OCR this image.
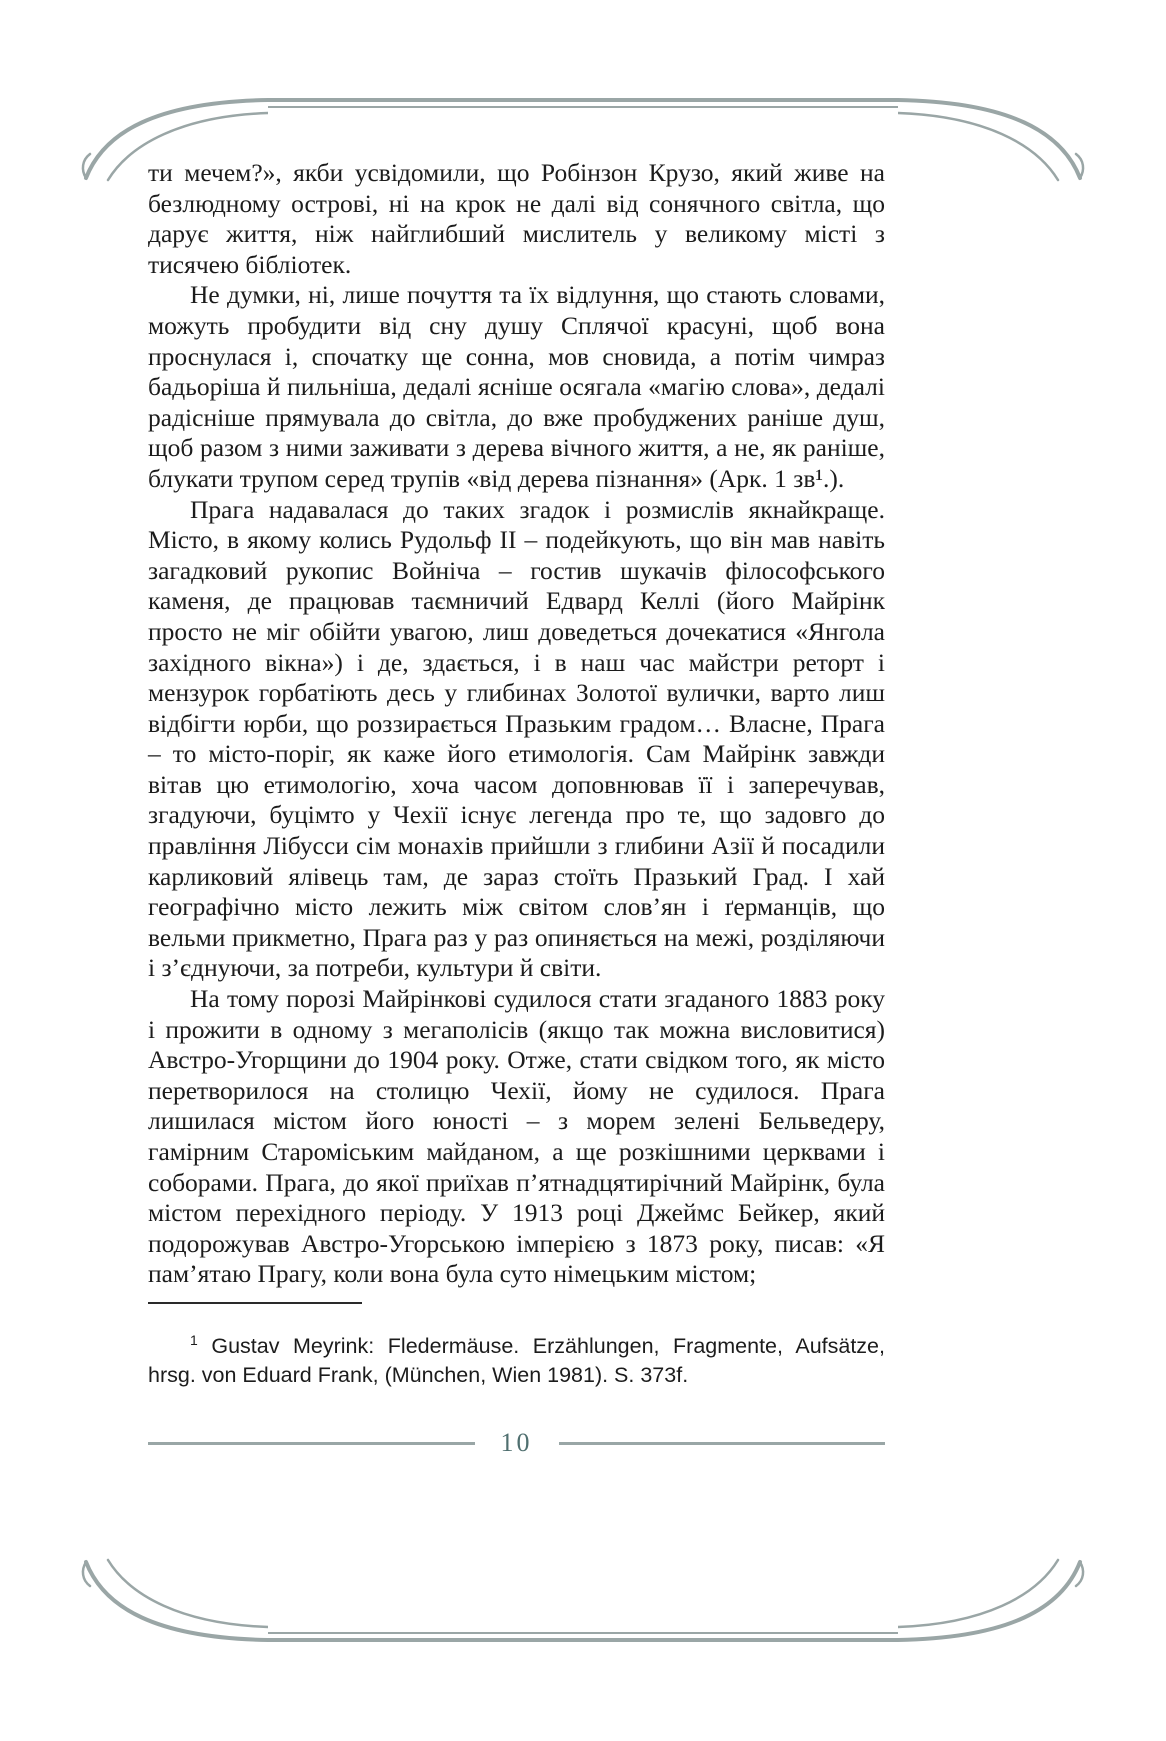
ти мечем?», якби усвідомили, що Робінзон Крузо, який живе на безлюдному острові, ні на крок не далі від сонячного світла, що дарує життя, ніж найглибший мислитель у великому місті з тисячею бібліотек.

Не думки, ні, лише почуття та їх відлуння, що стають словами, можуть пробудити від сну душу Сплячої красуні, щоб вона проснулася і, спочатку ще сонна, мов сновида, а потім чимраз бадьоріша й пильніша, дедалі ясніше осягала «магію слова», дедалі радісніше прямувала до світла, до вже пробуджених раніше душ, щоб разом з ними заживати з дерева вічного життя, а не, як раніше, блукати трупом серед трупів «від дерева пізнання» (Арк. 1 зв¹.).

Прага надавалася до таких згадок і розмислів якнайкраще. Місто, в якому колись Рудольф II – подейкують, що він мав навіть загадковий рукопис Войніча – гостив шукачів філософського каменя, де працював таємничий Едвард Келлі (його Майрінк просто не міг обійти увагою, лиш доведеться дочекатися «Янгола західного вікна») і де, здається, і в наш час майстри реторт і мензурок горбатіють десь у глибинах Золотої вулички, варто лиш відбігти юрби, що роззирається Празьким градом… Власне, Прага – то місто-поріг, як каже його етимологія. Сам Майрінк завжди вітав цю етимологію, хоча часом доповнював її і заперечував, згадуючи, буцімто у Чехії існує легенда про те, що задовго до правління Лібусси сім монахів прийшли з глибини Азії й посадили карликовий ялівець там, де зараз стоїть Празький Град. І хай географічно місто лежить між світом слов’ян і ґерманців, що вельми прикметно, Прага раз у раз опиняється на межі, розділяючи і з’єднуючи, за потреби, культури й світи.

На тому порозі Майрінкові судилося стати згаданого 1883 року і прожити в одному з мегаполісів (якщо так можна висловитися) Австро-Угорщини до 1904 року. Отже, стати свідком того, як місто перетворилося на столицю Чехії, йому не судилося. Прага лишилася містом його юності – з морем зелені Бельведеру, гамірним Староміським майданом, а ще розкішними церквами і соборами. Прага, до якої приїхав п’ятнадцятирічний Майрінк, була містом перехідного періоду. У 1913 році Джеймс Бейкер, який подорожував Австро-Угорською імперією з 1873 року, писав: «Я пам’ятаю Прагу, коли вона була суто німецьким містом;

$^1$ Gustav Meyrink: Fledermäuse. Erzählungen, Fragmente, Aufsätze, hrsg. von Eduard Frank, (München, Wien 1981). S. 373f.
10
